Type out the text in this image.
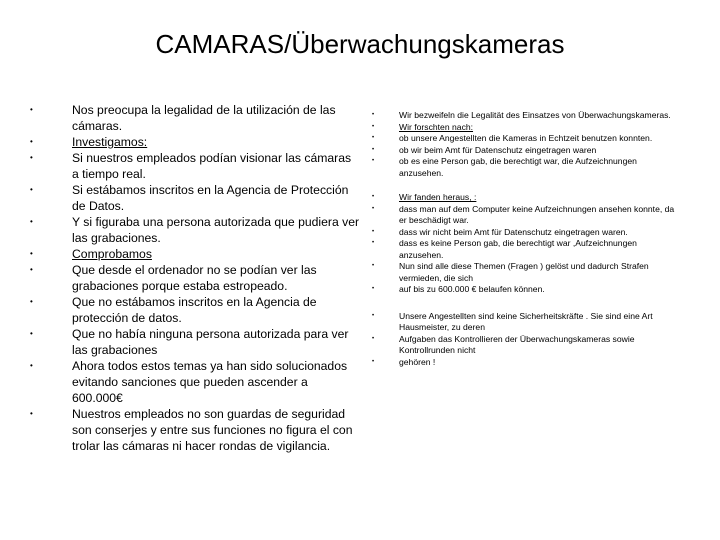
CAMARAS/Überwachungskameras
•	Nos preocupa la legalidad de la utilización de las cámaras.
•	Investigamos:
•	Si nuestros empleados podían visionar las cámaras a tiempo real.
•	Si estábamos inscritos en la Agencia de Protección de Datos.
•	Y si figuraba una persona autorizada que pudiera ver las grabaciones.
•	Comprobamos
•	Que desde el ordenador no se podían ver las grabaciones porque estaba estropeado.
•	Que no estábamos inscritos en la Agencia de protección de datos.
•	Que no había ninguna persona autorizada para ver las grabaciones
•	Ahora todos estos temas ya han sido solucionados evitando sanciones que pueden ascender a 600.000€
•	Nuestros empleados no son guardas de seguridad son conserjes y entre sus funciones no figura el con trolar las cámaras ni hacer rondas de vigilancia.
•	Wir bezweifeln die Legalität des Einsatzes von Überwachungskameras.
•	Wir forschten nach:
•	ob unsere Angestellten die Kameras in Echtzeit benutzen konnten.
•	ob wir beim Amt für Datenschutz eingetragen waren
•	ob es eine Person gab, die berechtigt war, die Aufzeichnungen anzusehen.
•	Wir fanden heraus, :
•	dass man auf dem Computer keine Aufzeichnungen ansehen konnte, da er beschädigt war.
•	dass wir nicht beim Amt für Datenschutz eingetragen waren.
•	dass es keine Person gab, die berechtigt war ,Aufzeichnungen anzusehen.
•	Nun sind alle diese Themen (Fragen ) gelöst und dadurch Strafen vermieden, die sich
•	auf bis zu 600.000 € belaufen können.
•	Unsere Angestellten sind keine Sicherheitskräfte . Sie sind eine Art Hausmeister, zu deren
•	Aufgaben das Kontrollieren der Überwachungskameras sowie Kontrollrunden nicht
•	gehören !
